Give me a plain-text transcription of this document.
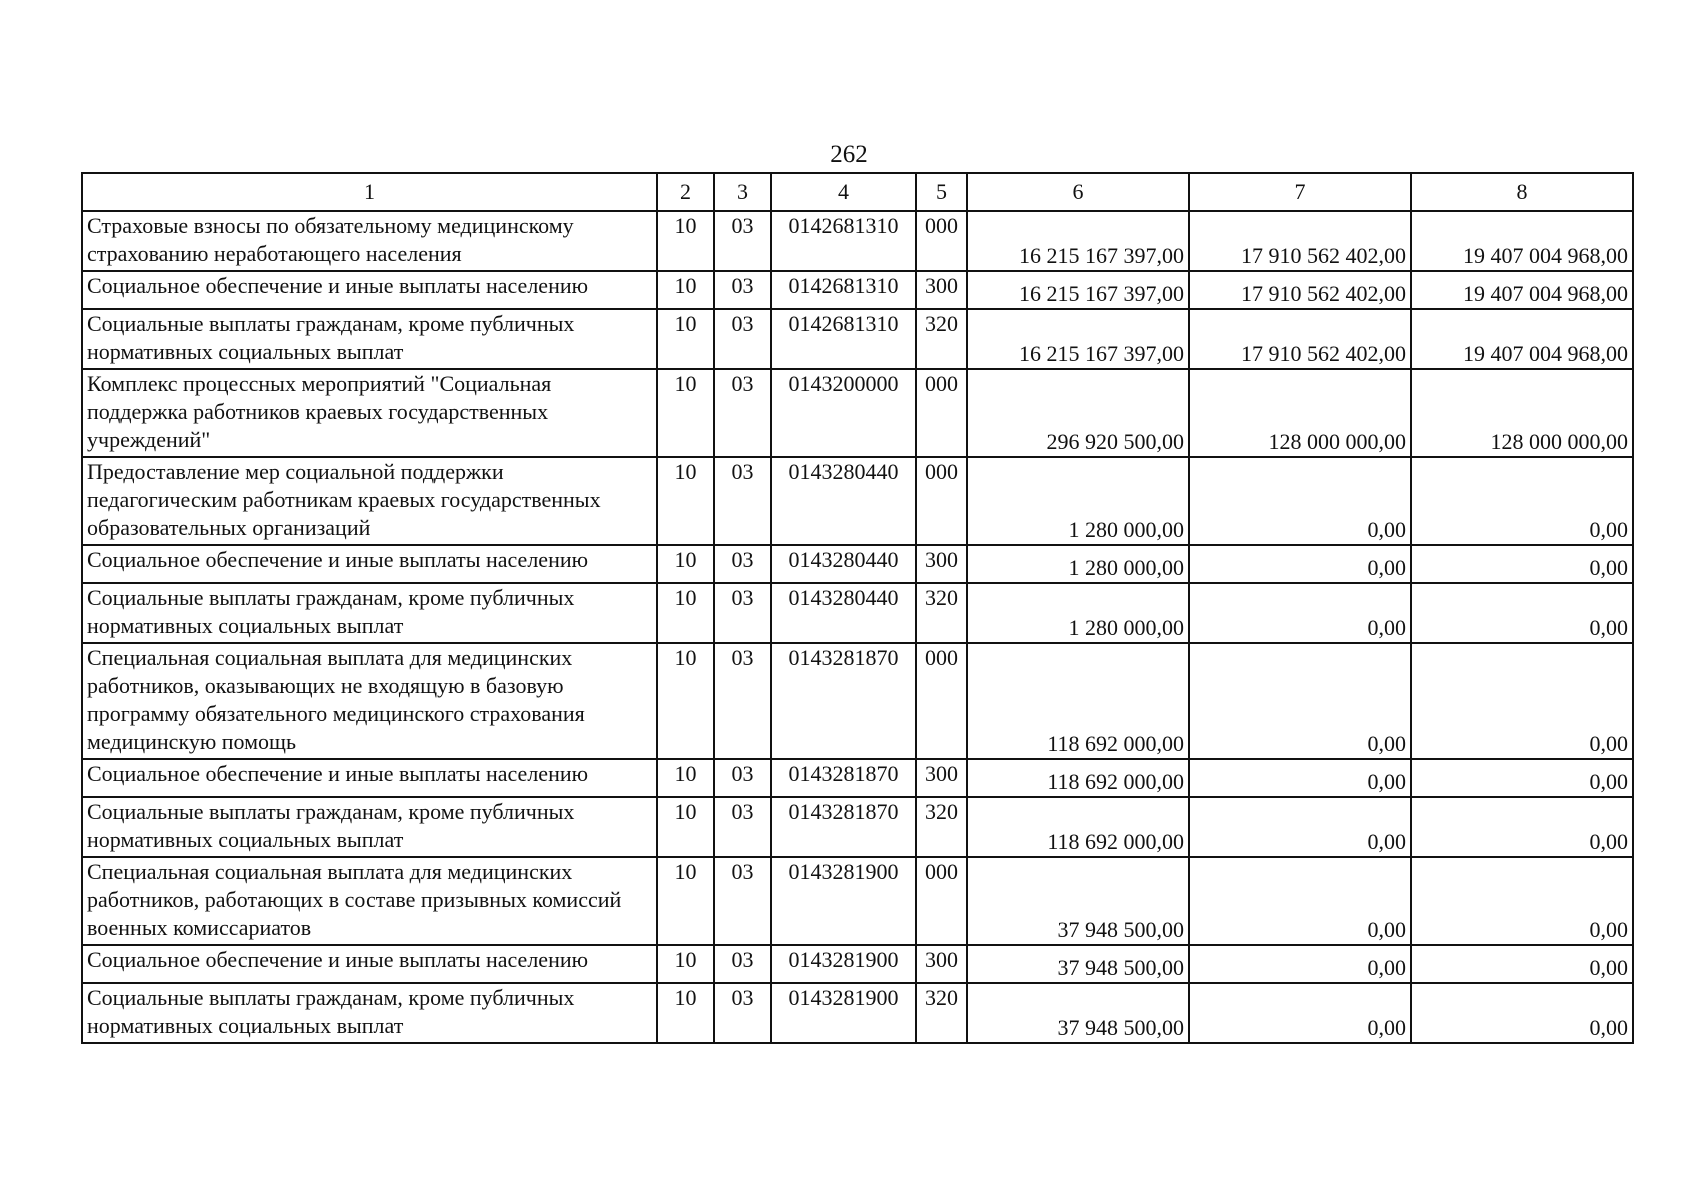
262
1	2	3	4	5	6	7	8
Страховые взносы по обязательному медицинскому страхованию неработающего населения	10	03	0142681310	000	16 215 167 397,00	17 910 562 402,00	19 407 004 968,00
Социальное обеспечение и иные выплаты населению	10	03	0142681310	300	16 215 167 397,00	17 910 562 402,00	19 407 004 968,00
Социальные выплаты гражданам, кроме публичных нормативных социальных выплат	10	03	0142681310	320	16 215 167 397,00	17 910 562 402,00	19 407 004 968,00
Комплекс процессных мероприятий "Социальная поддержка работников краевых государственных учреждений"	10	03	0143200000	000	296 920 500,00	128 000 000,00	128 000 000,00
Предоставление мер социальной поддержки педагогическим работникам краевых государственных образовательных организаций	10	03	0143280440	000	1 280 000,00	0,00	0,00
Социальное обеспечение и иные выплаты населению	10	03	0143280440	300	1 280 000,00	0,00	0,00
Социальные выплаты гражданам, кроме публичных нормативных социальных выплат	10	03	0143280440	320	1 280 000,00	0,00	0,00
Специальная социальная выплата для медицинских работников, оказывающих не входящую в базовую программу обязательного медицинского страхования медицинскую помощь	10	03	0143281870	000	118 692 000,00	0,00	0,00
Социальное обеспечение и иные выплаты населению	10	03	0143281870	300	118 692 000,00	0,00	0,00
Социальные выплаты гражданам, кроме публичных нормативных социальных выплат	10	03	0143281870	320	118 692 000,00	0,00	0,00
Специальная социальная выплата для медицинских работников, работающих в составе призывных комиссий военных комиссариатов	10	03	0143281900	000	37 948 500,00	0,00	0,00
Социальное обеспечение и иные выплаты населению	10	03	0143281900	300	37 948 500,00	0,00	0,00
Социальные выплаты гражданам, кроме публичных нормативных социальных выплат	10	03	0143281900	320	37 948 500,00	0,00	0,00
